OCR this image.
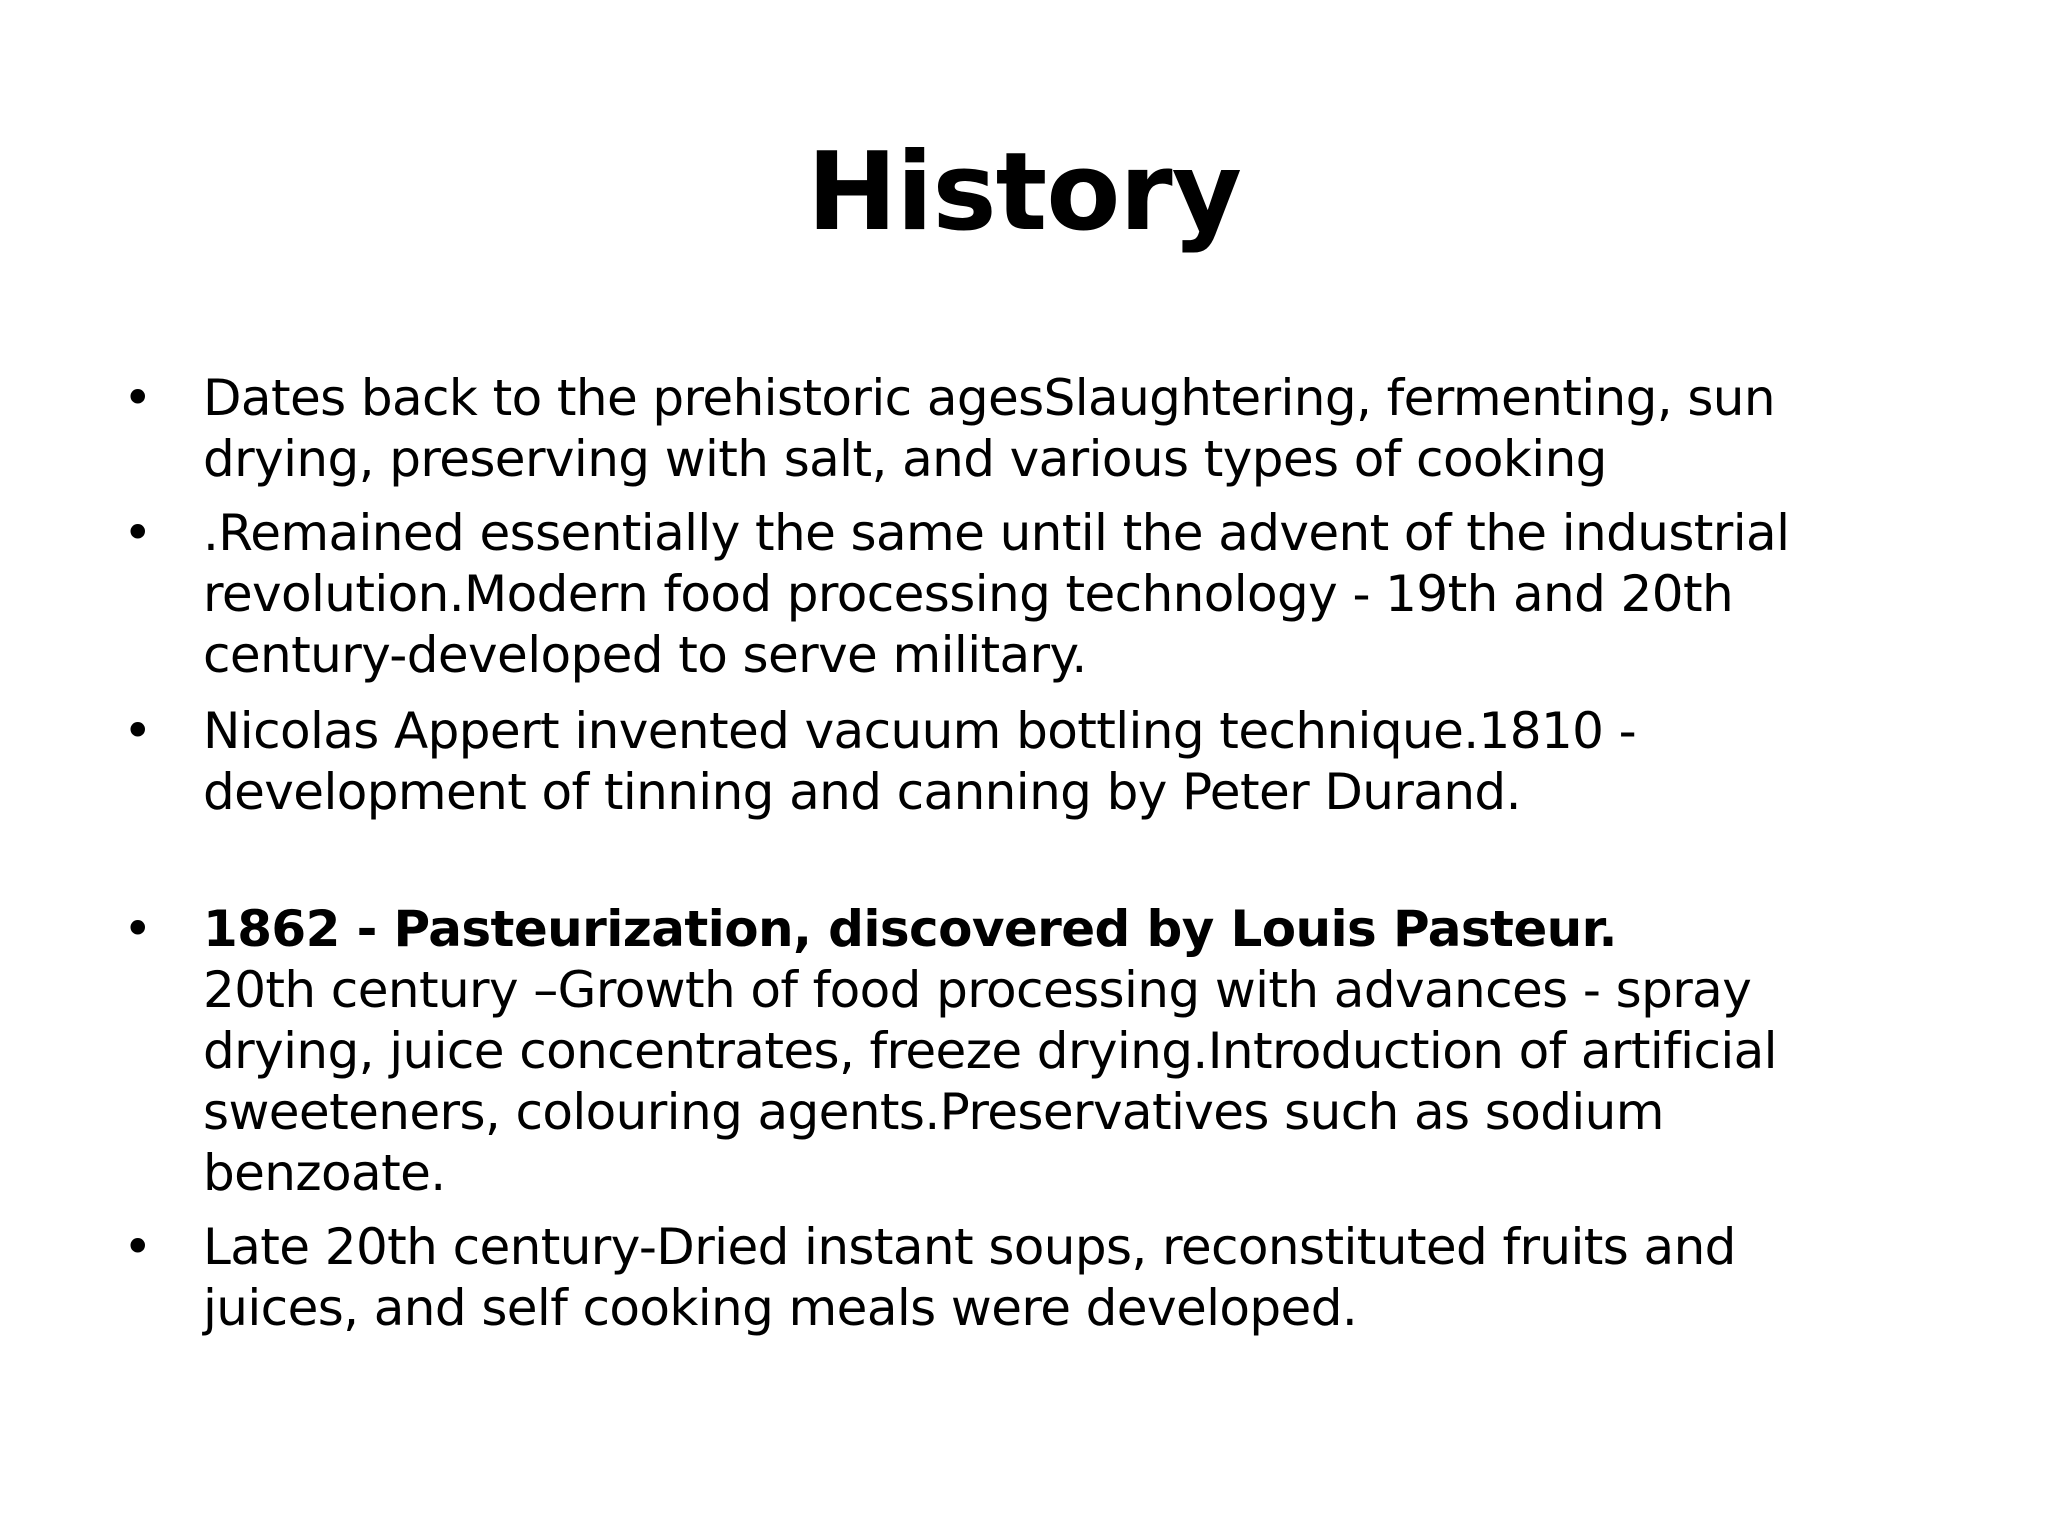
History
• Dates back to the prehistoric agesSlaughtering, fermenting, sun drying, preserving with salt, and various types of cooking
• .Remained essentially the same until the advent of the industrial revolution.Modern food processing technology - 19th and 20th century-developed to serve military.
• Nicolas Appert invented vacuum bottling technique.1810 - development of tinning and canning by Peter Durand.
• 1862 - Pasteurization, discovered by Louis Pasteur.
20th century –Growth of food processing with advances - spray drying, juice concentrates, freeze drying.Introduction of artificial sweeteners, colouring agents.Preservatives such as sodium benzoate.
• Late 20th century-Dried instant soups, reconstituted fruits and juices, and self cooking meals were developed.
